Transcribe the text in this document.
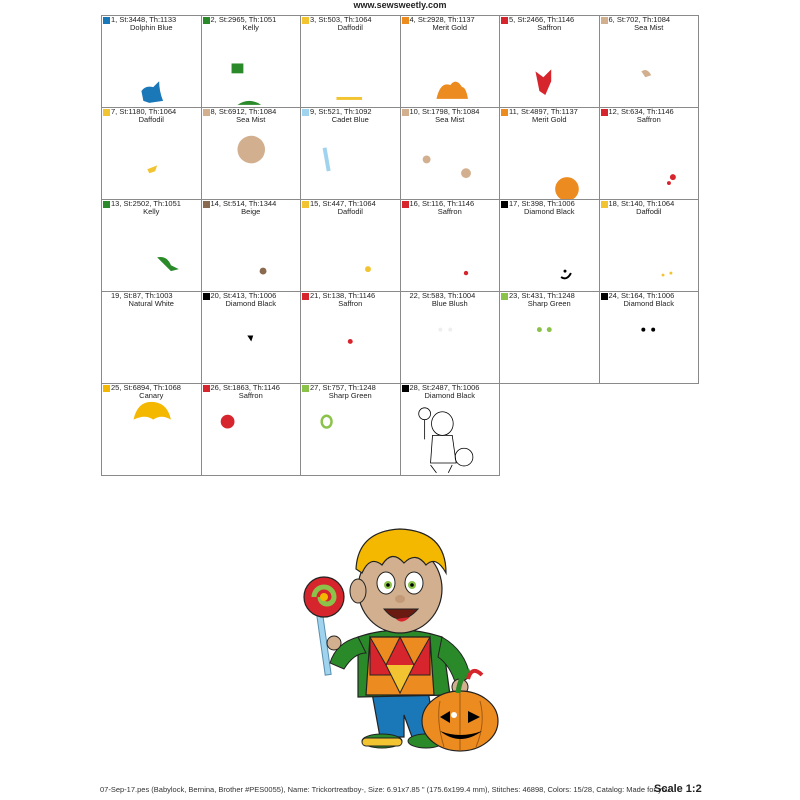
www.sewsweetly.com
1, St:3448, Th:1133
Dolphin Blue
2, St:2965, Th:1051
Kelly
3, St:503, Th:1064
Daffodil
4, St:2928, Th:1137
Merit Gold
5, St:2466, Th:1146
Saffron
6, St:702, Th:1084
Sea Mist
7, St:1180, Th:1064
Daffodil
8, St:6912, Th:1084
Sea Mist
9, St:521, Th:1092
Cadet Blue
10, St:1798, Th:1084
Sea Mist
11, St:4897, Th:1137
Merit Gold
12, St:634, Th:1146
Saffron
13, St:2502, Th:1051
Kelly
14, St:514, Th:1344
Beige
15, St:447, Th:1064
Daffodil
16, St:116, Th:1146
Saffron
17, St:398, Th:1006
Diamond Black
18, St:140, Th:1064
Daffodil
19, St:87, Th:1003
Natural White
20, St:413, Th:1006
Diamond Black
21, St:138, Th:1146
Saffron
22, St:583, Th:1004
Blue Blush
23, St:431, Th:1248
Sharp Green
24, St:164, Th:1006
Diamond Black
25, St:6894, Th:1068
Canary
26, St:1863, Th:1146
Saffron
27, St:757, Th:1248
Sharp Green
28, St:2487, Th:1006
Diamond Black
07-Sep-17.pes (Babylock, Bernina, Brother #PES0055), Name: Trickortreatboy-, Size: 6.91x7.85 " (175.6x199.4 mm), Stitches: 46898, Colors: 15/28, Catalog: Made for you
Scale 1:2
